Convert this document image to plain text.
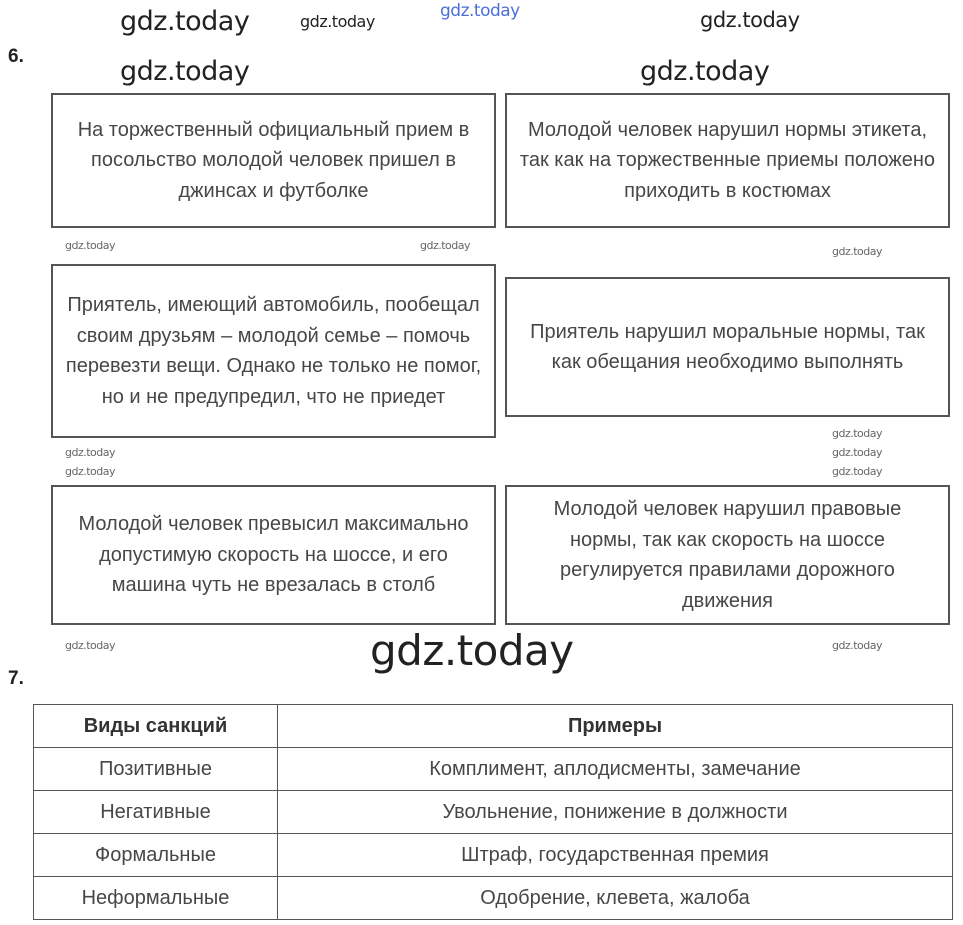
6.
На торжественный официальный прием в посольство молодой человек пришел в джинсах и футболке
Молодой человек нарушил нормы этикета, так как на торжественные приемы положено приходить в костюмах
Приятель, имеющий автомобиль, пообещал своим друзьям – молодой семье – помочь перевезти вещи. Однако не только не помог, но и не предупредил, что не приедет
Приятель нарушил моральные нормы, так как обещания необходимо выполнять
Молодой человек превысил максимально допустимую скорость на шоссе, и его машина чуть не врезалась в столб
Молодой человек нарушил правовые нормы, так как скорость на шоссе регулируется правилами дорожного движения
7.
Виды санкций	Примеры
Позитивные	Комплимент, аплодисменты, замечание
Негативные	Увольнение, понижение в должности
Формальные	Штраф, государственная премия
Неформальные	Одобрение, клевета, жалоба
gdz.today
gdz.today	gdz.today
gdz.today
gdz.today	gdz.today
gdz.today
gdz.today	gdz.today
gdz.today
gdz.today
gdz.today
gdz.today
gdz.today
gdz.today
gdz.today
gdz.today
